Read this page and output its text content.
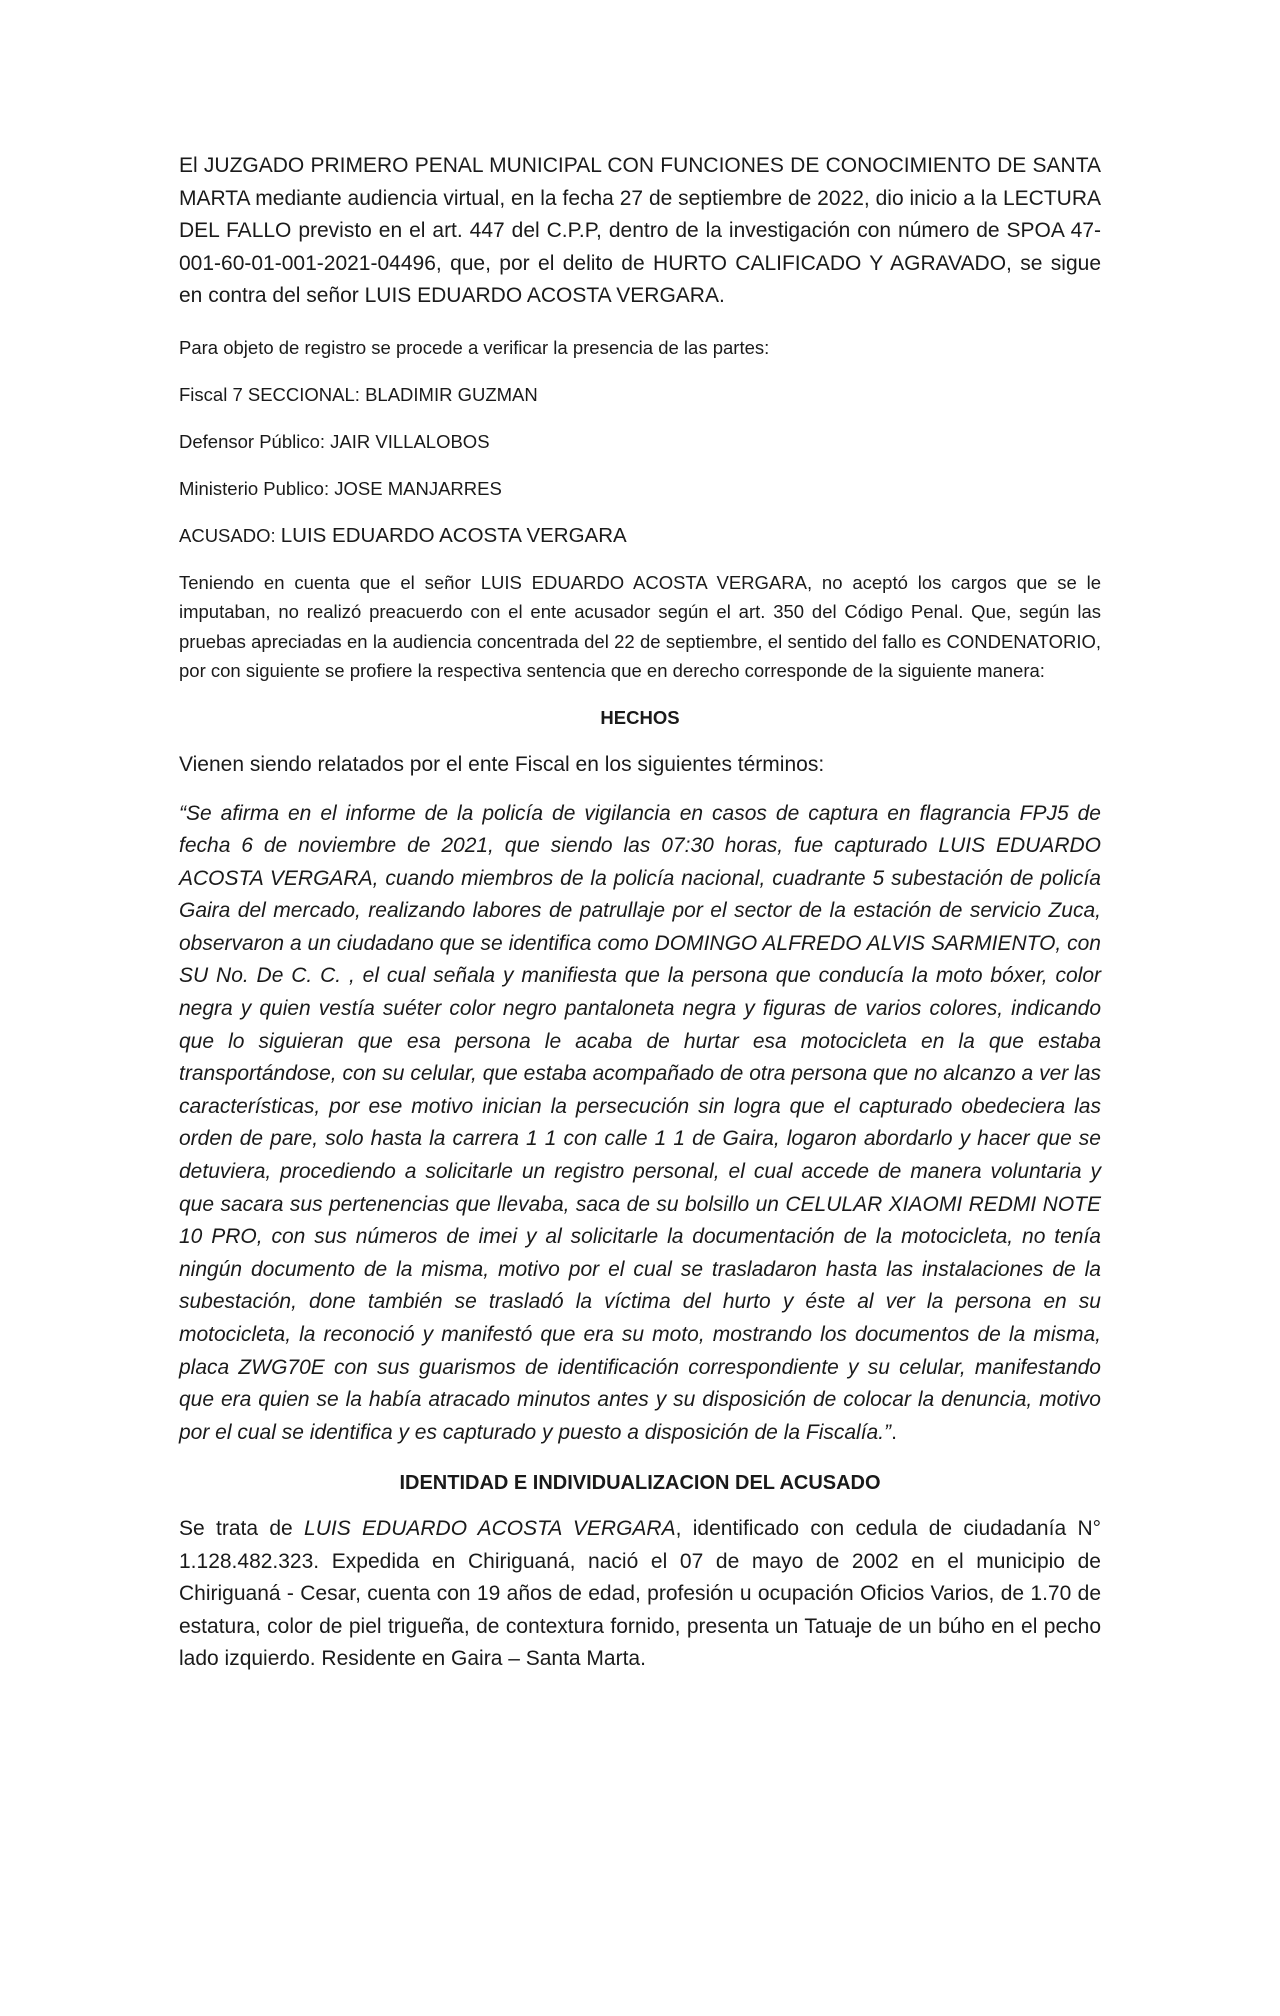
El JUZGADO PRIMERO PENAL MUNICIPAL CON FUNCIONES DE CONOCIMIENTO DE SANTA MARTA mediante audiencia virtual, en la fecha 27 de septiembre de 2022, dio inicio a la LECTURA DEL FALLO previsto en el art. 447 del C.P.P, dentro de la investigación con número de SPOA 47-001-60-01-001-2021-04496, que, por el delito de HURTO CALIFICADO Y AGRAVADO, se sigue en contra del señor LUIS EDUARDO ACOSTA VERGARA.

Para objeto de registro se procede a verificar la presencia de las partes:

Fiscal 7 SECCIONAL: BLADIMIR GUZMAN

Defensor Público: JAIR VILLALOBOS

Ministerio Publico: JOSE MANJARRES

ACUSADO: LUIS EDUARDO ACOSTA VERGARA

Teniendo en cuenta que el señor LUIS EDUARDO ACOSTA VERGARA, no aceptó los cargos que se le imputaban, no realizó preacuerdo con el ente acusador según el art. 350 del Código Penal. Que, según las pruebas apreciadas en la audiencia concentrada del 22 de septiembre, el sentido del fallo es CONDENATORIO, por con siguiente se profiere la respectiva sentencia que en derecho corresponde de la siguiente manera:

HECHOS

Vienen siendo relatados por el ente Fiscal en los siguientes términos:

“Se afirma en el informe de la policía de vigilancia en casos de captura en flagrancia FPJ5 de fecha 6 de noviembre de 2021, que siendo las 07:30 horas, fue capturado LUIS EDUARDO ACOSTA VERGARA, cuando miembros de la policía nacional, cuadrante 5 subestación de policía Gaira del mercado, realizando labores de patrullaje por el sector de la estación de servicio Zuca, observaron a un ciudadano que se identifica como DOMINGO ALFREDO ALVIS SARMIENTO, con SU No. De C. C. , el cual señala y manifiesta que la persona que conducía la moto bóxer, color negra y quien vestía suéter color negro pantaloneta negra y figuras de varios colores, indicando que lo siguieran que esa persona le acaba de hurtar esa motocicleta en la que estaba transportándose, con su celular, que estaba acompañado de otra persona que no alcanzo a ver las características, por ese motivo inician la persecución sin logra que el capturado obedeciera las orden de pare, solo hasta la carrera 1 1 con calle 1 1 de Gaira, logaron abordarlo y hacer que se detuviera, procediendo a solicitarle un registro personal, el cual accede de manera voluntaria y que sacara sus pertenencias que llevaba, saca de su bolsillo un CELULAR XIAOMI REDMI NOTE 10 PRO, con sus números de imei y al solicitarle la documentación de la motocicleta, no tenía ningún documento de la misma, motivo por el cual se trasladaron hasta las instalaciones de la subestación, done también se trasladó la víctima del hurto y éste al ver la persona en su motocicleta, la reconoció y manifestó que era su moto, mostrando los documentos de la misma, placa ZWG70E con sus guarismos de identificación correspondiente y su celular, manifestando que era quien se la había atracado minutos antes y su disposición de colocar la denuncia, motivo por el cual se identifica y es capturado y puesto a disposición de la Fiscalía.”.

IDENTIDAD E INDIVIDUALIZACION DEL ACUSADO

Se trata de LUIS EDUARDO ACOSTA VERGARA, identificado con cedula de ciudadanía N° 1.128.482.323. Expedida en Chiriguaná, nació el 07 de mayo de 2002 en el municipio de Chiriguaná - Cesar, cuenta con 19 años de edad, profesión u ocupación Oficios Varios, de 1.70 de estatura, color de piel trigueña, de contextura fornido, presenta un Tatuaje de un búho en el pecho lado izquierdo. Residente en Gaira – Santa Marta.
